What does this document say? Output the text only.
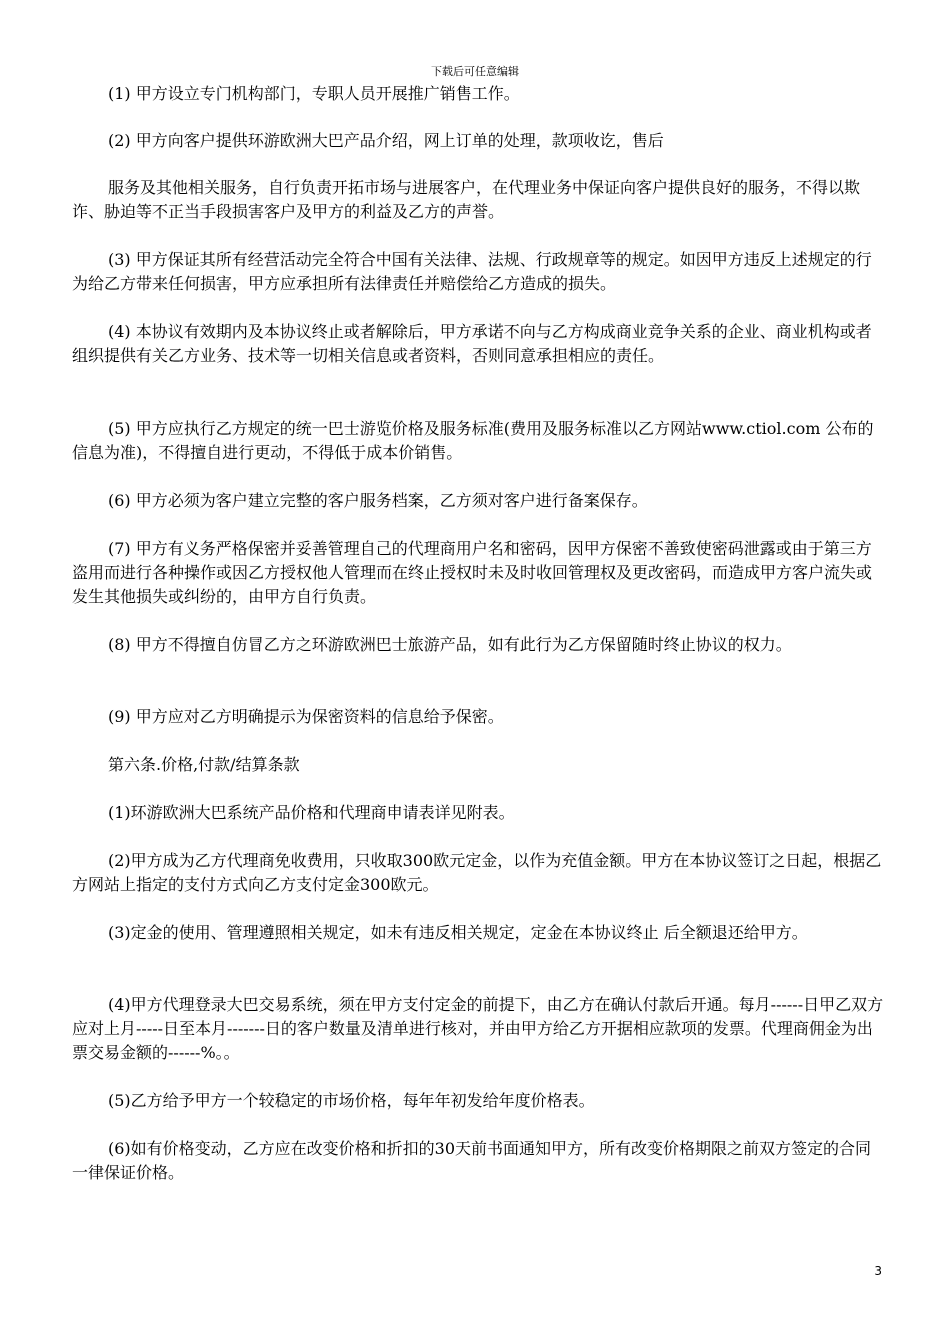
下载后可任意编辑

(1) 甲方设立专门机构部门，专职人员开展推广销售工作。

(2) 甲方向客户提供环游欧洲大巴产品介绍，网上订单的处理，款项收讫，售后

服务及其他相关服务，自行负责开拓市场与进展客户，在代理业务中保证向客户提供良好的服务，不得以欺诈、胁迫等不正当手段损害客户及甲方的利益及乙方的声誉。

(3) 甲方保证其所有经营活动完全符合中国有关法律、法规、行政规章等的规定。如因甲方违反上述规定的行为给乙方带来任何损害，甲方应承担所有法律责任并赔偿给乙方造成的损失。

(4) 本协议有效期内及本协议终止或者解除后，甲方承诺不向与乙方构成商业竞争关系的企业、商业机构或者组织提供有关乙方业务、技术等一切相关信息或者资料，否则同意承担相应的责任。

(5) 甲方应执行乙方规定的统一巴士游览价格及服务标准(费用及服务标准以乙方网站www.ctiol.com 公布的信息为准)，不得擅自进行更动，不得低于成本价销售。

(6) 甲方必须为客户建立完整的客户服务档案，乙方须对客户进行备案保存。

(7) 甲方有义务严格保密并妥善管理自己的代理商用户名和密码，因甲方保密不善致使密码泄露或由于第三方盗用而进行各种操作或因乙方授权他人管理而在终止授权时未及时收回管理权及更改密码，而造成甲方客户流失或发生其他损失或纠纷的，由甲方自行负责。

(8) 甲方不得擅自仿冒乙方之环游欧洲巴士旅游产品，如有此行为乙方保留随时终止协议的权力。

(9) 甲方应对乙方明确提示为保密资料的信息给予保密。

第六条.价格,付款/结算条款

(1)环游欧洲大巴系统产品价格和代理商申请表详见附表。

(2)甲方成为乙方代理商免收费用，只收取300欧元定金，以作为充值金额。甲方在本协议签订之日起，根据乙方网站上指定的支付方式向乙方支付定金300欧元。

(3)定金的使用、管理遵照相关规定，如未有违反相关规定，定金在本协议终止 后全额退还给甲方。

(4)甲方代理登录大巴交易系统，须在甲方支付定金的前提下，由乙方在确认付款后开通。每月------日甲乙双方应对上月-----日至本月-------日的客户数量及清单进行核对，并由甲方给乙方开据相应款项的发票。代理商佣金为出票交易金额的------%。。

(5)乙方给予甲方一个较稳定的市场价格，每年年初发给年度价格表。

(6)如有价格变动，乙方应在改变价格和折扣的30天前书面通知甲方，所有改变价格期限之前双方签定的合同一律保证价格。

3
